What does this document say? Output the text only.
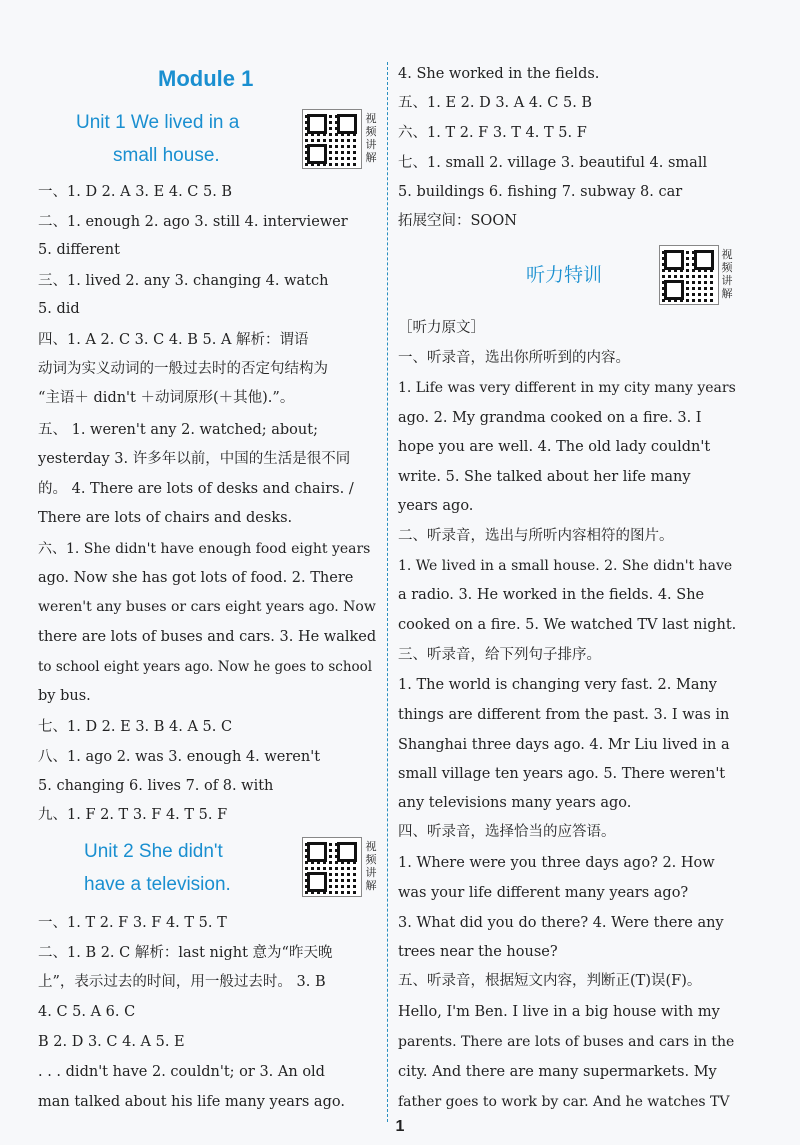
Module 1
Unit 1 We lived in a
small house.
视频讲解
一、1. D 2. A 3. E 4. C 5. B
二、1. enough 2. ago 3. still 4. interviewer
5. different
三、1. lived 2. any 3. changing 4. watch
5. did
四、1. A 2. C 3. C 4. B 5. A 解析：谓语
动词为实义动词的一般过去时的否定句结构为
“主语＋ didn't ＋动词原形(＋其他).”。
五、 1. weren't any 2. watched; about;
yesterday 3. 许多年以前，中国的生活是很不同
的。 4. There are lots of desks and chairs. /
There are lots of chairs and desks.
六、1. She didn't have enough food eight years
ago. Now she has got lots of food. 2. There
weren't any buses or cars eight years ago. Now
there are lots of buses and cars. 3. He walked
to school eight years ago. Now he goes to school
by bus.
七、1. D 2. E 3. B 4. A 5. C
八、1. ago 2. was 3. enough 4. weren't
5. changing 6. lives 7. of 8. with
九、1. F 2. T 3. F 4. T 5. F
Unit 2 She didn't
have a television.
视频讲解
一、1. T 2. F 3. F 4. T 5. T
二、1. B 2. C 解析：last night 意为“昨天晚
上”，表示过去的时间，用一般过去时。 3. B
4. C 5. A 6. C
B 2. D 3. C 4. A 5. E
. . . didn't have 2. couldn't; or 3. An old
man talked about his life many years ago.
4. She worked in the fields.
五、1. E 2. D 3. A 4. C 5. B
六、1. T 2. F 3. T 4. T 5. F
七、1. small 2. village 3. beautiful 4. small
5. buildings 6. fishing 7. subway 8. car
拓展空间：SOON
听力特训
视频讲解
［听力原文］
一、听录音，选出你所听到的内容。
1. Life was very different in my city many years
ago. 2. My grandma cooked on a fire. 3. I
hope you are well. 4. The old lady couldn't
write. 5. She talked about her life many
years ago.
二、听录音，选出与所听内容相符的图片。
1. We lived in a small house. 2. She didn't have
a radio. 3. He worked in the fields. 4. She
cooked on a fire. 5. We watched TV last night.
三、听录音，给下列句子排序。
1. The world is changing very fast. 2. Many
things are different from the past. 3. I was in
Shanghai three days ago. 4. Mr Liu lived in a
small village ten years ago. 5. There weren't
any televisions many years ago.
四、听录音，选择恰当的应答语。
1. Where were you three days ago? 2. How
was your life different many years ago?
3. What did you do there? 4. Were there any
trees near the house?
五、听录音，根据短文内容，判断正(T)误(F)。
Hello, I'm Ben. I live in a big house with my
parents. There are lots of buses and cars in the
city. And there are many supermarkets. My
father goes to work by car. And he watches TV
1
